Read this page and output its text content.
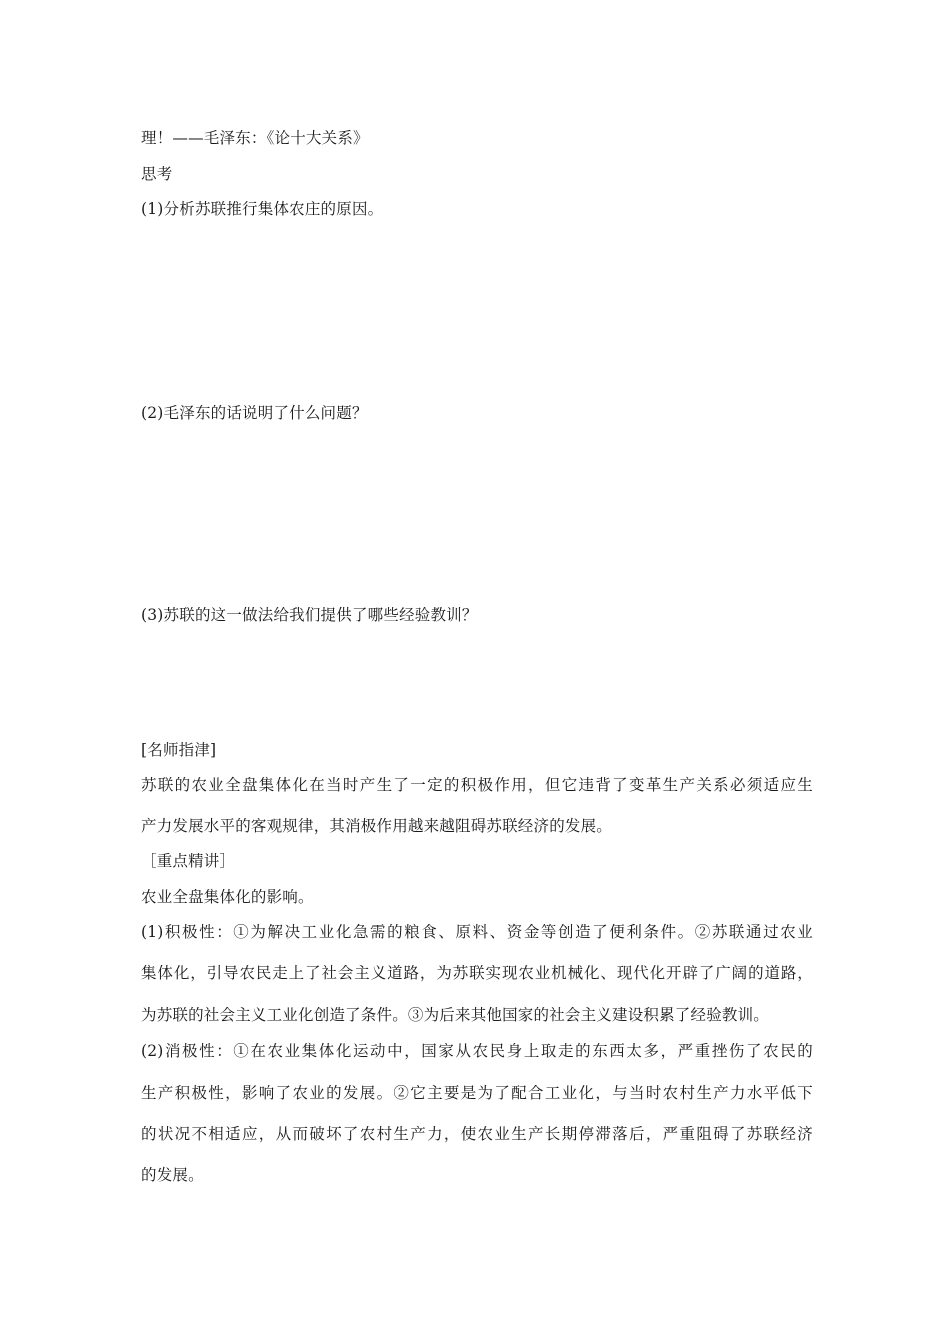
理！——毛泽东：《论十大关系》
思考
(1)分析苏联推行集体农庄的原因。
(2)毛泽东的话说明了什么问题？
(3)苏联的这一做法给我们提供了哪些经验教训？
[名师指津]
苏联的农业全盘集体化在当时产生了一定的积极作用，但它违背了变革生产关系必须适应生
产力发展水平的客观规律，其消极作用越来越阻碍苏联经济的发展。
［重点精讲］
农业全盘集体化的影响。
(1)积极性：①为解决工业化急需的粮食、原料、资金等创造了便利条件。②苏联通过农业
集体化，引导农民走上了社会主义道路，为苏联实现农业机械化、现代化开辟了广阔的道路，
为苏联的社会主义工业化创造了条件。③为后来其他国家的社会主义建设积累了经验教训。
(2)消极性：①在农业集体化运动中，国家从农民身上取走的东西太多，严重挫伤了农民的
生产积极性，影响了农业的发展。②它主要是为了配合工业化，与当时农村生产力水平低下
的状况不相适应，从而破坏了农村生产力，使农业生产长期停滞落后，严重阻碍了苏联经济
的发展。
